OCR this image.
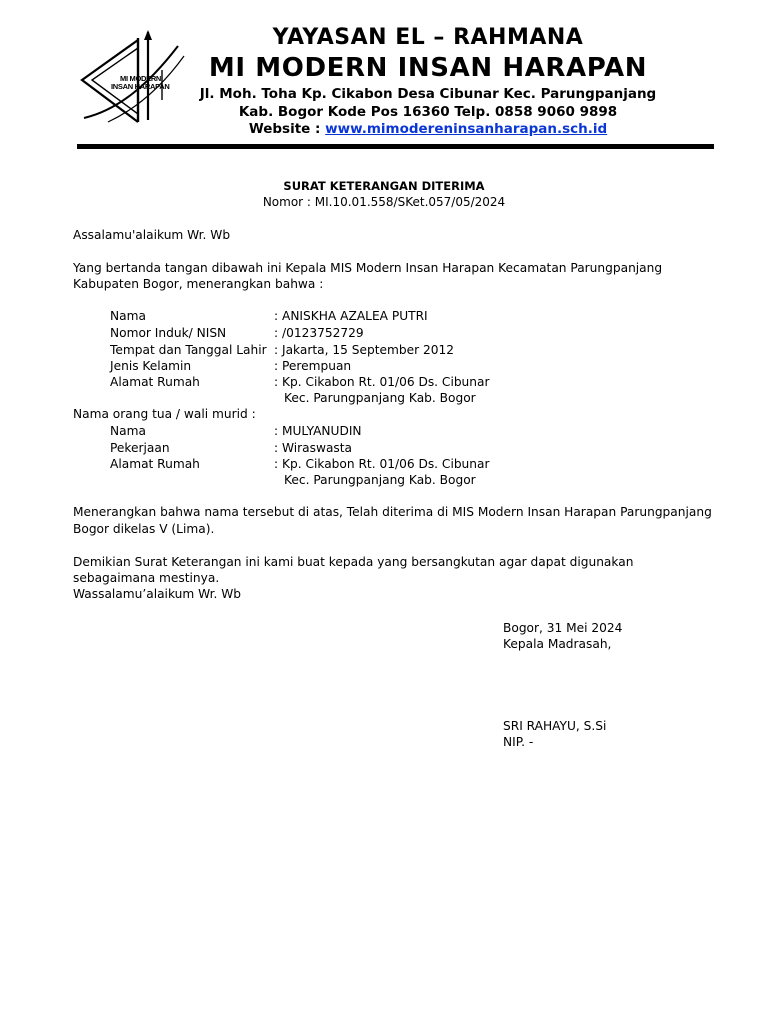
MI MODERN
INSAN HARAPAN
YAYASAN EL – RAHMANA
MI MODERN INSAN HARAPAN
Jl. Moh. Toha Kp. Cikabon Desa Cibunar Kec. Parungpanjang
Kab. Bogor Kode Pos 16360 Telp. 0858 9060 9898
Website : www.mimodereninsanharapan.sch.id
SURAT KETERANGAN DITERIMA
Nomor : MI.10.01.558/SKet.057/05/2024
Assalamu'alaikum Wr. Wb
Yang bertanda tangan dibawah ini Kepala MIS Modern Insan Harapan Kecamatan Parungpanjang
Kabupaten Bogor, menerangkan bahwa :
Nama	: ANISKHA AZALEA PUTRI
Nomor Induk/ NISN	: /0123752729
Tempat dan Tanggal Lahir : Jakarta, 15 September 2012
Jenis Kelamin	: Perempuan
Alamat Rumah	: Kp. Cikabon Rt. 01/06 Ds. Cibunar
Kec. Parungpanjang Kab. Bogor
Nama orang tua / wali murid :
Nama	: MULYANUDIN
Pekerjaan	: Wiraswasta
Alamat Rumah	: Kp. Cikabon Rt. 01/06 Ds. Cibunar
Kec. Parungpanjang Kab. Bogor
Menerangkan bahwa nama tersebut di atas, Telah diterima di MIS Modern Insan Harapan Parungpanjang
Bogor dikelas V (Lima).
Demikian Surat Keterangan ini kami buat kepada yang bersangkutan agar dapat digunakan
sebagaimana mestinya.
Wassalamu’alaikum Wr. Wb
Bogor, 31 Mei 2024
Kepala Madrasah,
SRI RAHAYU, S.Si
NIP. -
